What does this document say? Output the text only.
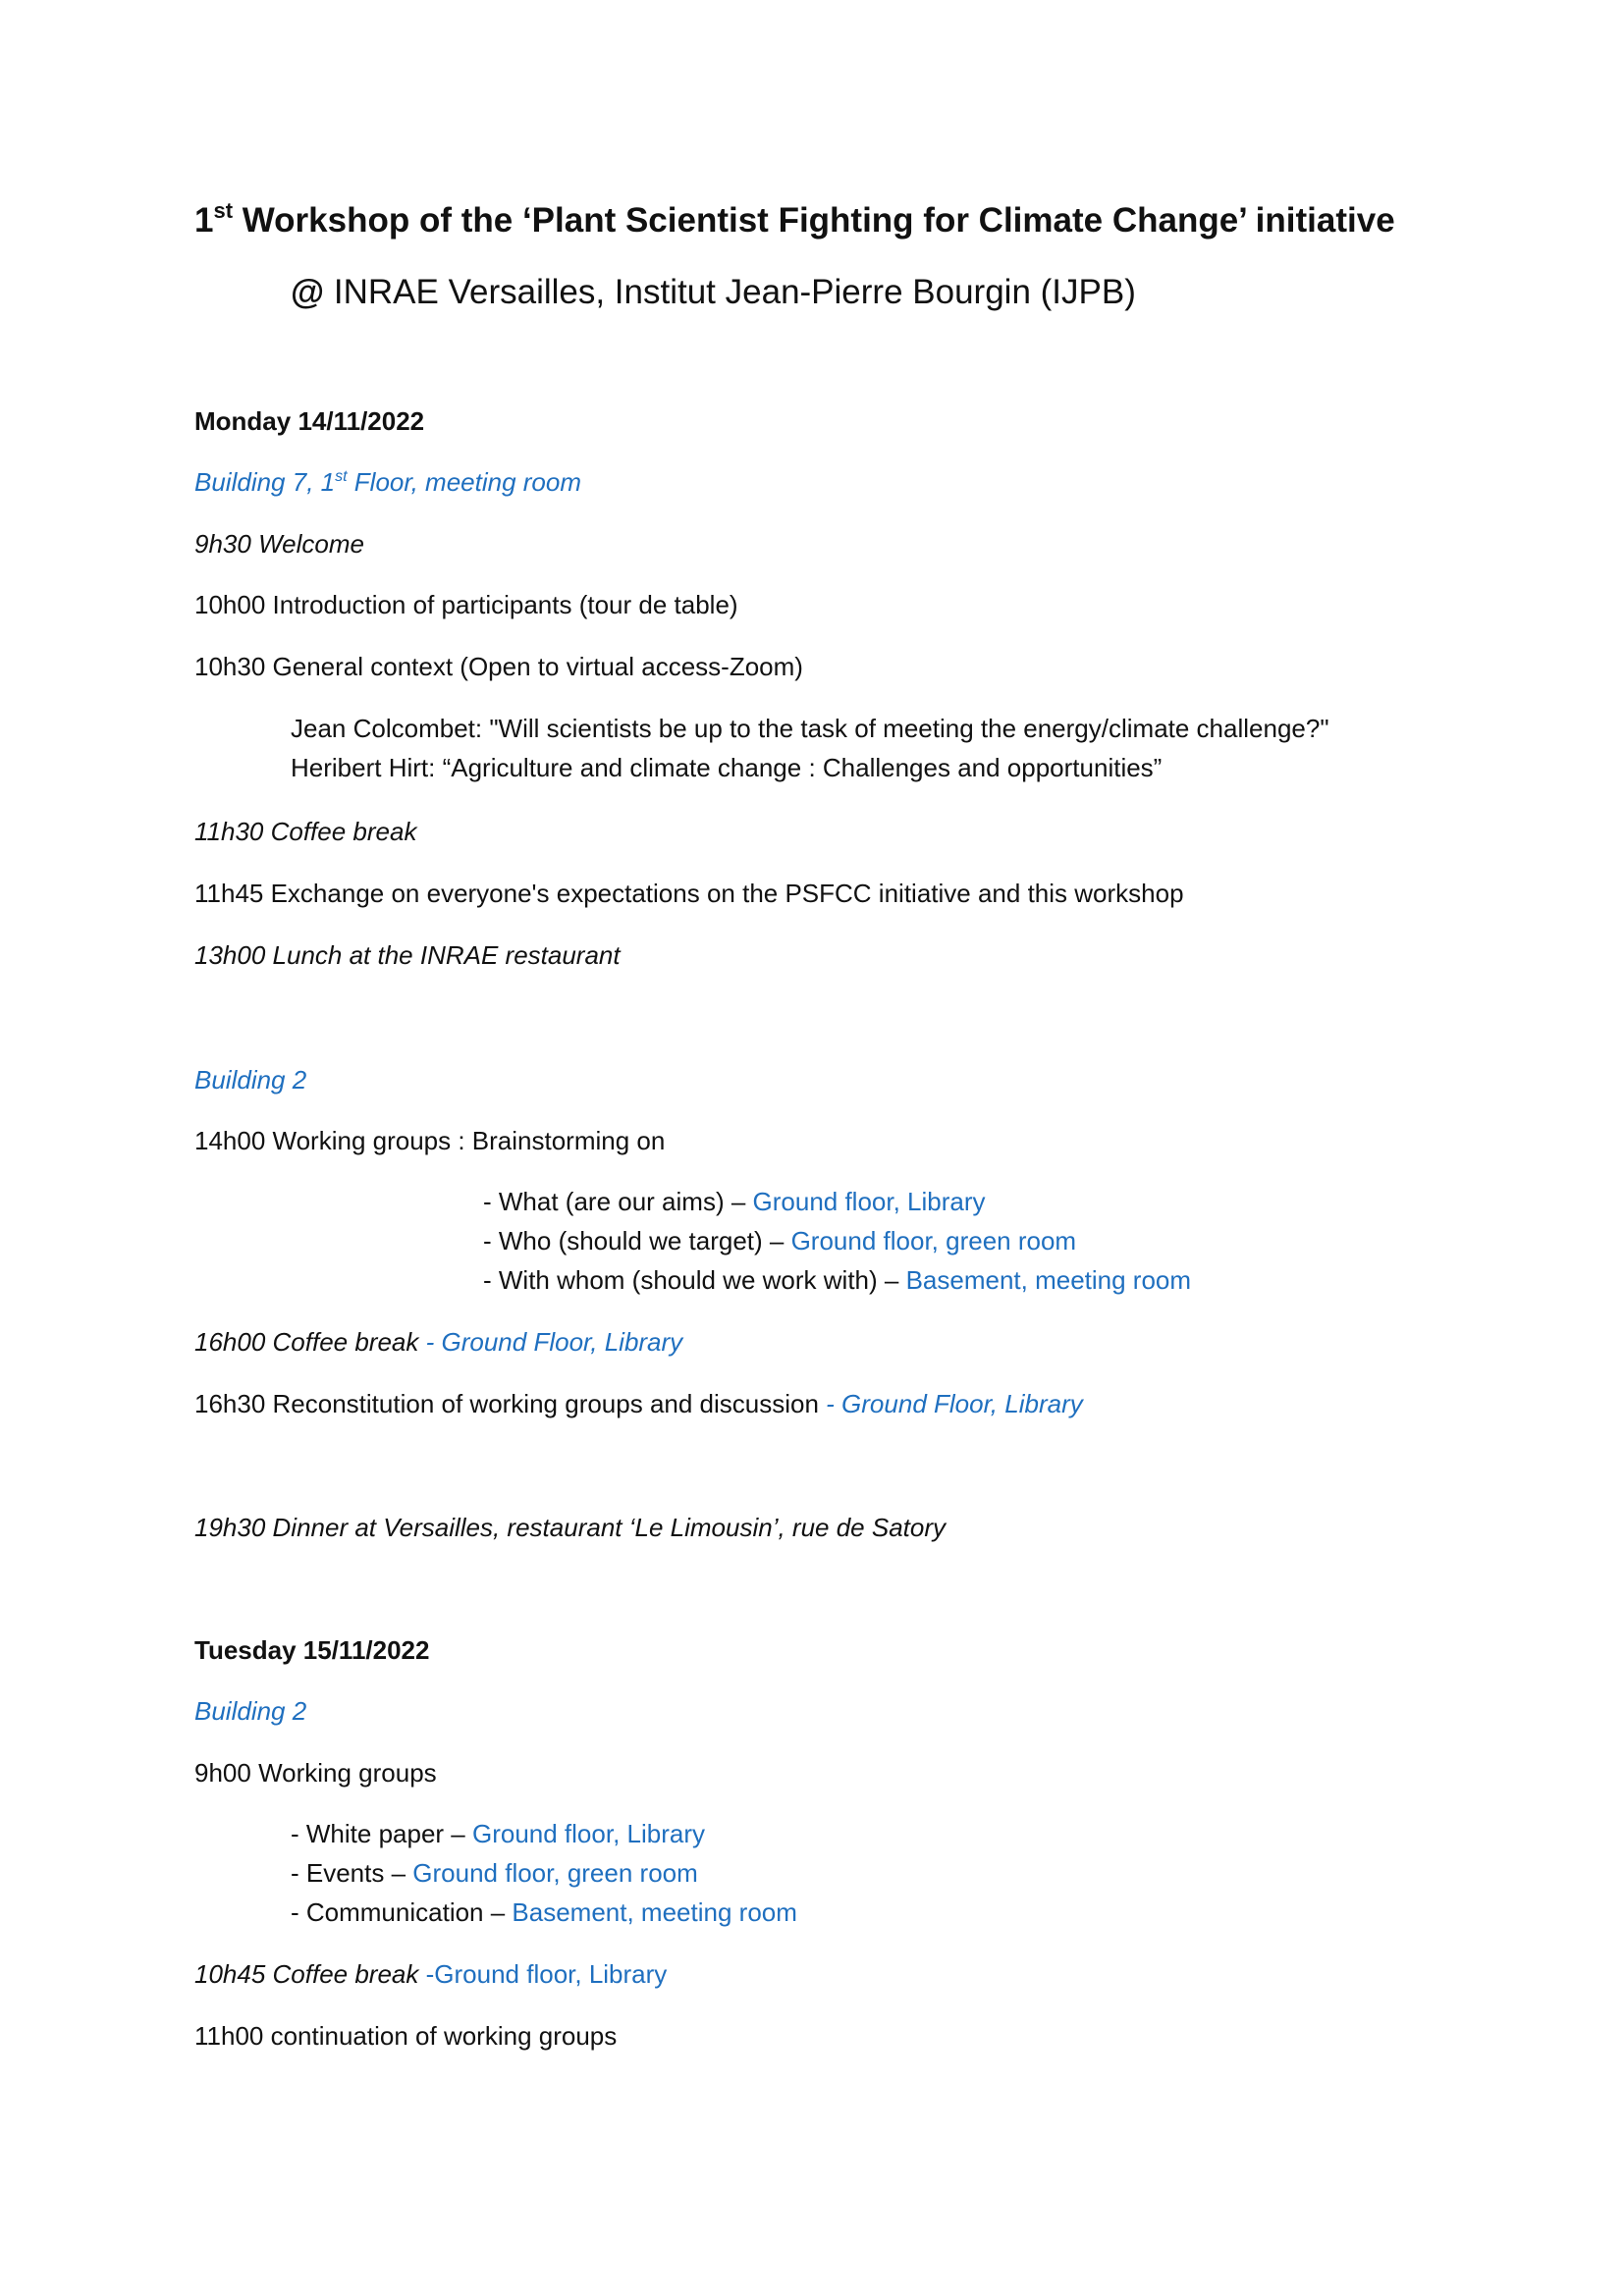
1st Workshop of the ‘Plant Scientist Fighting for Climate Change’ initiative
@ INRAE Versailles, Institut Jean-Pierre Bourgin (IJPB)
Monday 14/11/2022
Building 7, 1st Floor, meeting room
9h30 Welcome
10h00 Introduction of participants (tour de table)
10h30 General context (Open to virtual access-Zoom)
Jean Colcombet: "Will scientists be up to the task of meeting the energy/climate challenge?"
Heribert Hirt: “Agriculture and climate change : Challenges and opportunities”
11h30 Coffee break
11h45 Exchange on everyone's expectations on the PSFCC initiative and this workshop
13h00 Lunch at the INRAE restaurant
Building 2
14h00 Working groups : Brainstorming on
- What (are our aims) – Ground floor, Library
- Who (should we target) – Ground floor, green room
- With whom (should we work with) – Basement, meeting room
16h00 Coffee break - Ground Floor, Library
16h30 Reconstitution of working groups and discussion - Ground Floor, Library
19h30 Dinner at Versailles, restaurant ‘Le Limousin’, rue de Satory
Tuesday 15/11/2022
Building 2
9h00 Working groups
- White paper – Ground floor, Library
- Events – Ground floor, green room
- Communication – Basement, meeting room
10h45 Coffee break -Ground floor, Library
11h00 continuation of working groups
